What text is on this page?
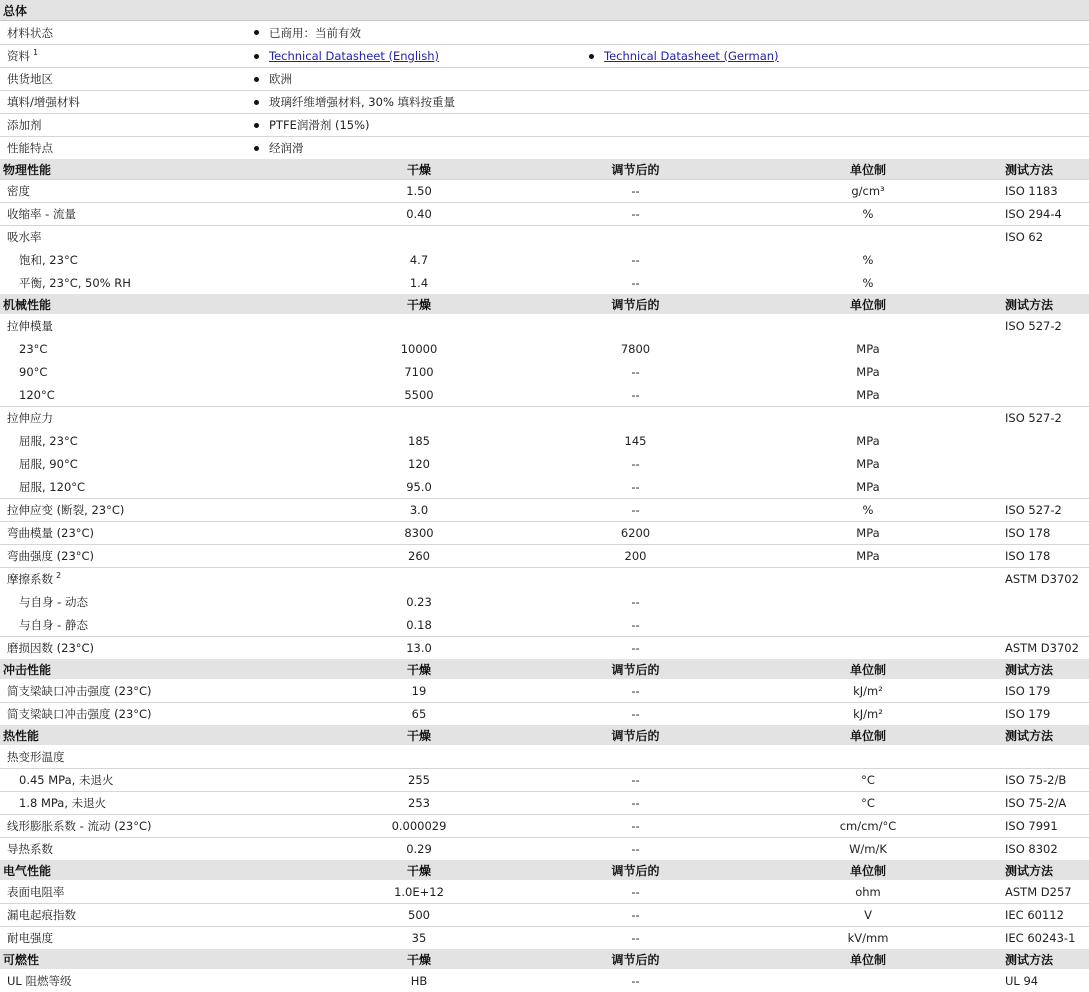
总体
材料状态	已商用：当前有效
资料 $^1$	Technical Datasheet (English)	Technical Datasheet (German)
供货地区	欧洲
填料/增强材料	玻璃纤维增强材料, 30% 填料按重量
添加剂	PTFE润滑剂 (15%)
性能特点	经润滑
物理性能	干燥	调节后的	单位制	测试方法
密度	1.50	--	g/cm³	ISO 1183
收缩率 - 流量	0.40	--	%	ISO 294-4
吸水率	ISO 62
饱和, 23°C	4.7	--	%
平衡, 23°C, 50% RH	1.4	--	%
机械性能	干燥	调节后的	单位制	测试方法
拉伸模量	ISO 527-2
23°C	10000	7800	MPa
90°C	7100	--	MPa
120°C	5500	--	MPa
拉伸应力	ISO 527-2
屈服, 23°C	185	145	MPa
屈服, 90°C	120	--	MPa
屈服, 120°C	95.0	--	MPa
拉伸应变 (断裂, 23°C)	3.0	--	%	ISO 527-2
弯曲模量 (23°C)	8300	6200	MPa	ISO 178
弯曲强度 (23°C)	260	200	MPa	ISO 178
摩擦系数 $^2$	ASTM D3702
与自身 - 动态	0.23	--
与自身 - 静态	0.18	--
磨损因数 (23°C)	13.0	--	ASTM D3702
冲击性能	干燥	调节后的	单位制	测试方法
简支梁缺口冲击强度 (23°C)	19	--	kJ/m²	ISO 179
简支梁缺口冲击强度 (23°C)	65	--	kJ/m²	ISO 179
热性能	干燥	调节后的	单位制	测试方法
热变形温度
0.45 MPa, 未退火	255	--	°C	ISO 75-2/B
1.8 MPa, 未退火	253	--	°C	ISO 75-2/A
线形膨胀系数 - 流动 (23°C)	0.000029	--	cm/cm/°C	ISO 7991
导热系数	0.29	--	W/m/K	ISO 8302
电气性能	干燥	调节后的	单位制	测试方法
表面电阻率	1.0E+12	--	ohm	ASTM D257
漏电起痕指数	500	--	V	IEC 60112
耐电强度	35	--	kV/mm	IEC 60243-1
可燃性	干燥	调节后的	单位制	测试方法
UL 阻燃等级	HB	--	UL 94
